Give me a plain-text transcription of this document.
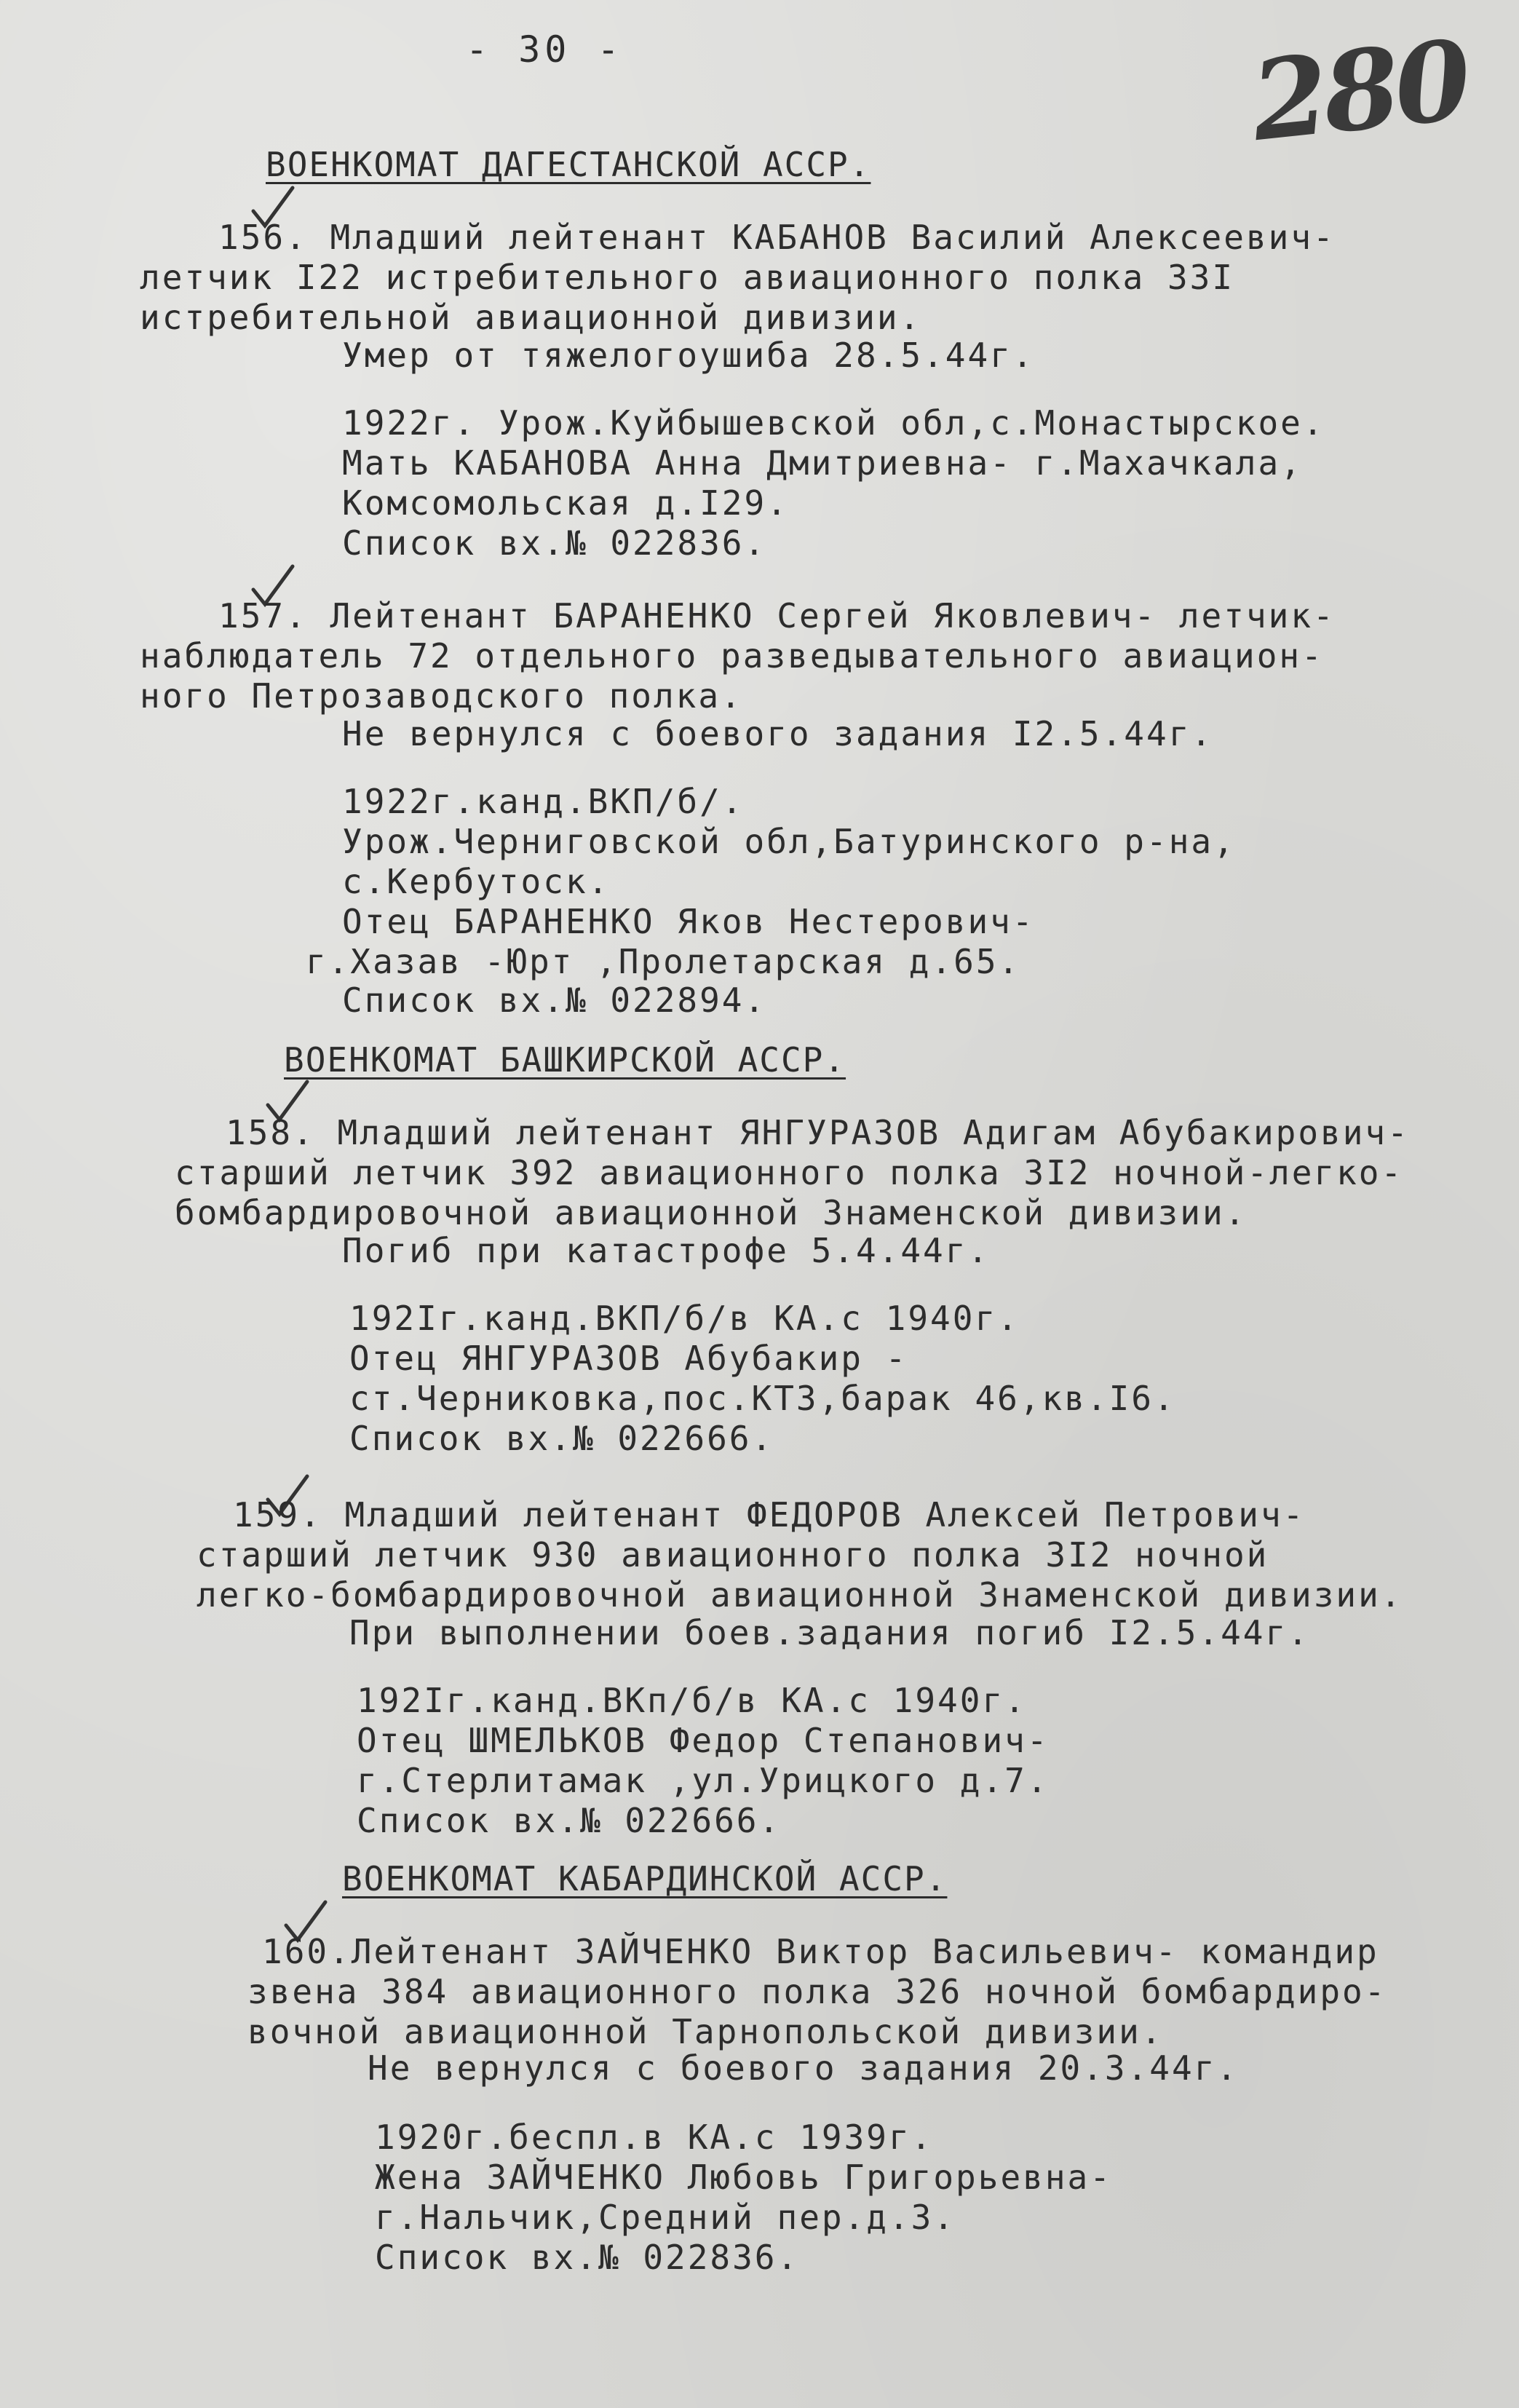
- 30 -	280
ВОЕНКОМАТ ДАГЕСТАНСКОЙ АССР.
156. Младший лейтенант КАБАНОВ Василий Алексеевич-
летчик I22 истребительного авиационного полка 33I
истребительной авиационной дивизии.
Умер от тяжелогоушиба 28.5.44г.
1922г. Урож.Куйбышевской обл,с.Монастырское.
Мать КАБАНОВА Анна Дмитриевна- г.Махачкала,
Комсомольская д.I29.
Список вх.№ 022836.
157. Лейтенант БАРАНЕНКО Сергей Яковлевич- летчик-
наблюдатель 72 отдельного разведывательного авиацион-
ного Петрозаводского полка.
Не вернулся с боевого задания I2.5.44г.
1922г.канд.ВКП/б/.
Урож.Черниговской обл,Батуринского р-на,
с.Кербутоск.
Отец БАРАНЕНКО Яков Нестерович-
г.Хазав -Юрт ,Пролетарская д.65.
Список вх.№ 022894.
ВОЕНКОМАТ БАШКИРСКОЙ АССР.
158. Младший лейтенант ЯНГУРАЗОВ Адигам Абубакирович-
старший летчик 392 авиационного полка 3I2 ночной-легко-
бомбардировочной авиационной Знаменской дивизии.
Погиб при катастрофе 5.4.44г.
192Iг.канд.ВКП/б/в КА.с 1940г.
Отец ЯНГУРАЗОВ Абубакир -
ст.Черниковка,пос.КТЗ,барак 46,кв.I6.
Список вх.№ 022666.
159. Младший лейтенант ФЕДОРОВ Алексей Петрович-
старший летчик 930 авиационного полка 3I2 ночной
легко-бомбардировочной авиационной Знаменской дивизии.
При выполнении боев.задания погиб I2.5.44г.
192Iг.канд.ВКп/б/в КА.с 1940г.
Отец ШМЕЛЬКОВ Федор Степанович-
г.Стерлитамак ,ул.Урицкого д.7.
Список вх.№ 022666.
ВОЕНКОМАТ КАБАРДИНСКОЙ АССР.
160.Лейтенант ЗАЙЧЕНКО Виктор Васильевич- командир
звена 384 авиационного полка 326 ночной бомбардиро-
вочной авиационной Тарнопольской дивизии.
Не вернулся с боевого задания 20.3.44г.
1920г.беспл.в КА.с 1939г.
Жена ЗАЙЧЕНКО Любовь Григорьевна-
г.Нальчик,Средний пер.д.3.
Список вх.№ 022836.
